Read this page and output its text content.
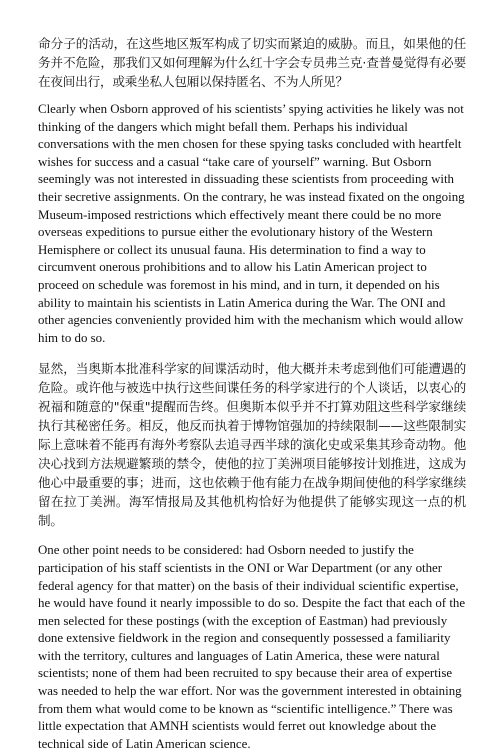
命分子的活动，在这些地区叛军构成了切实而紧迫的威胁。而且，如果他的任务并不危险，那我们又如何理解为什么红十字会专员弗兰克·查普曼觉得有必要在夜间出行，或乘坐私人包厢以保持匿名、不为人所见？

Clearly when Osborn approved of his scientists’ spying activities he likely was not thinking of the dangers which might befall them. Perhaps his individual conversations with the men chosen for these spying tasks concluded with heartfelt wishes for success and a casual “take care of yourself” warning. But Osborn seemingly was not interested in dissuading these scientists from proceeding with their secretive assignments. On the contrary, he was instead fixated on the ongoing Museum-imposed restrictions which effectively meant there could be no more overseas expeditions to pursue either the evolutionary history of the Western Hemisphere or collect its unusual fauna. His determination to find a way to circumvent onerous prohibitions and to allow his Latin American project to proceed on schedule was foremost in his mind, and in turn, it depended on his ability to maintain his scientists in Latin America during the War. The ONI and other agencies conveniently provided him with the mechanism which would allow him to do so.

显然，当奥斯本批准科学家的间谍活动时，他大概并未考虑到他们可能遭遇的危险。或许他与被选中执行这些间谍任务的科学家进行的个人谈话，以衷心的祝福和随意的"保重"提醒而告终。但奥斯本似乎并不打算劝阻这些科学家继续执行其秘密任务。相反，他反而执着于博物馆强加的持续限制——这些限制实际上意味着不能再有海外考察队去追寻西半球的演化史或采集其珍奇动物。他决心找到方法规避繁琐的禁令，使他的拉丁美洲项目能够按计划推进，这成为他心中最重要的事；进而，这也依赖于他有能力在战争期间使他的科学家继续留在拉丁美洲。海军情报局及其他机构恰好为他提供了能够实现这一点的机制。

One other point needs to be considered: had Osborn needed to justify the participation of his staff scientists in the ONI or War Department (or any other federal agency for that matter) on the basis of their individual scientific expertise, he would have found it nearly impossible to do so. Despite the fact that each of the men selected for these postings (with the exception of Eastman) had previously done extensive fieldwork in the region and consequently possessed a familiarity with the territory, cultures and languages of Latin America, these were natural scientists; none of them had been recruited to spy because their area of expertise was needed to help the war effort. Nor was the government interested in obtaining from them what would come to be known as “scientific intelligence.” There was little expectation that AMNH scientists would ferret out knowledge about the technical side of Latin American science.
